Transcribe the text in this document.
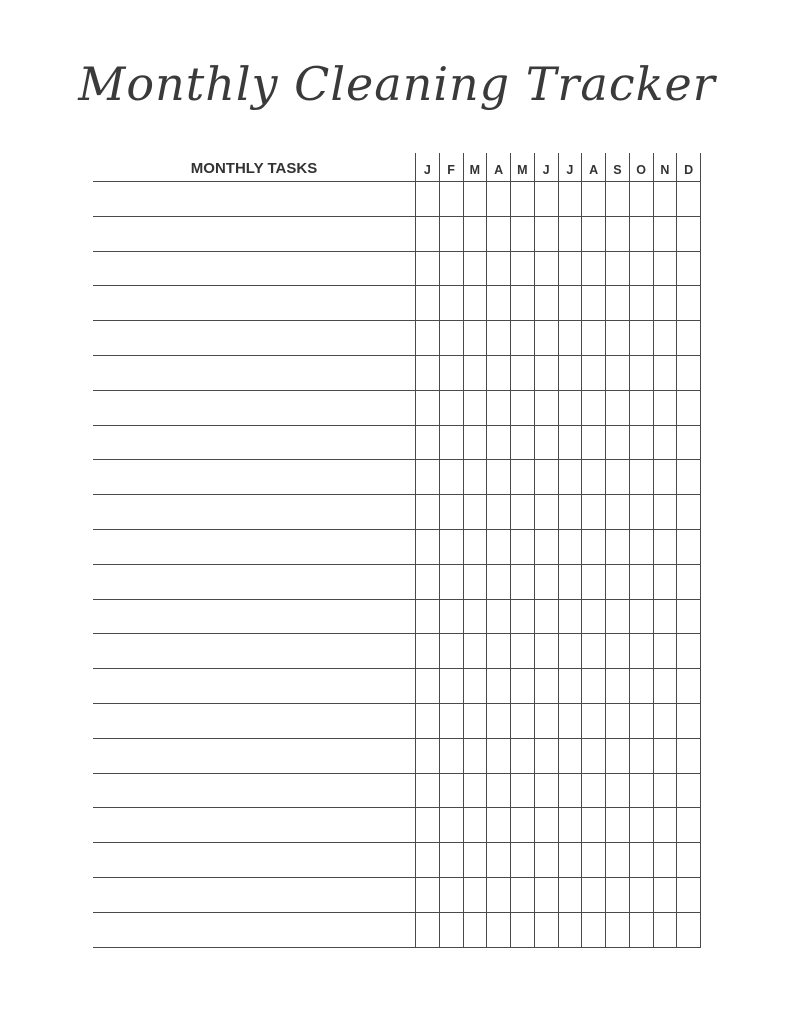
Monthly Cleaning Tracker
MONTHLY TASKS	J	F	M	A	M	J	J	A	S	O	N	D
